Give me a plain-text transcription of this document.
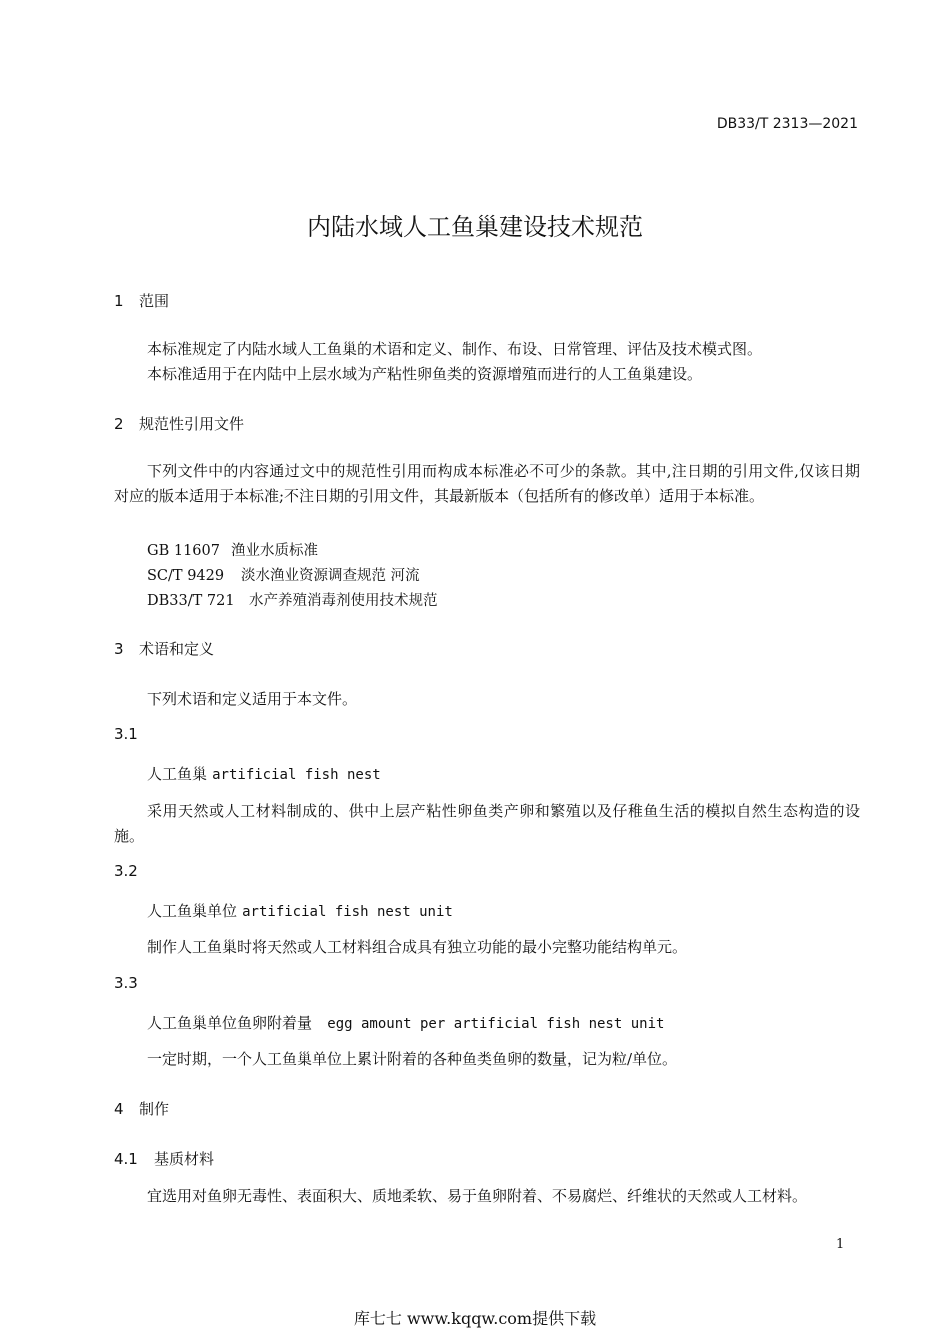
DB33/T 2313—2021
内陆水域人工鱼巢建设技术规范
1 范围
本标准规定了内陆水域人工鱼巢的术语和定义、制作、布设、日常管理、评估及技术模式图。
本标准适用于在内陆中上层水域为产粘性卵鱼类的资源增殖而进行的人工鱼巢建设。
2 规范性引用文件
下列文件中的内容通过文中的规范性引用而构成本标准必不可少的条款。其中,注日期的引用文件,仅该日期对应的版本适用于本标准;不注日期的引用文件，其最新版本（包括所有的修改单）适用于本标准。
GB 11607 渔业水质标准
SC/T 9429 淡水渔业资源调查规范 河流
DB33/T 721 水产养殖消毒剂使用技术规范
3 术语和定义
下列术语和定义适用于本文件。
3.1
人工鱼巢 artificial fish nest
采用天然或人工材料制成的、供中上层产粘性卵鱼类产卵和繁殖以及仔稚鱼生活的模拟自然生态构造的设施。
3.2
人工鱼巢单位 artificial fish nest unit
制作人工鱼巢时将天然或人工材料组合成具有独立功能的最小完整功能结构单元。
3.3
人工鱼巢单位鱼卵附着量 egg amount per artificial fish nest unit
一定时期，一个人工鱼巢单位上累计附着的各种鱼类鱼卵的数量，记为粒/单位。
4 制作
4.1 基质材料
宜选用对鱼卵无毒性、表面积大、质地柔软、易于鱼卵附着、不易腐烂、纤维状的天然或人工材料。
1
库七七 www.kqqw.com提供下载
